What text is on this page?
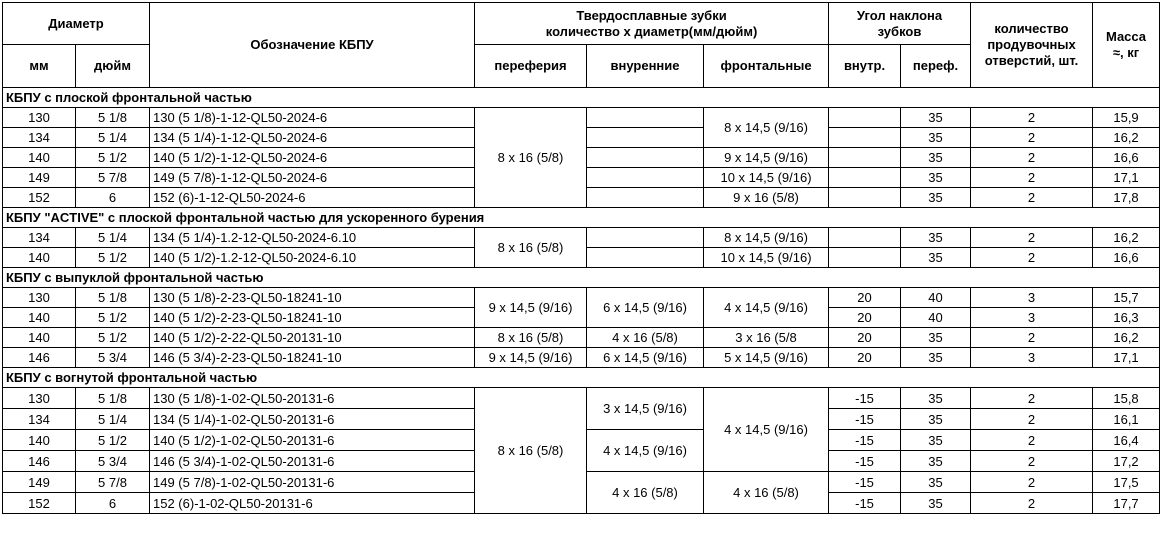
Диаметр		Обозначение КБПУ	Твердосплавные зубки
количество х диаметр(мм/дюйм)			Угол наклона
зубков		количество продувочных отверстий, шт.	Масса
≈, кг
мм	дюйм		переферия	внуренние	фронтальные	внутр.	переф.		
КБПУ с плоской фронтальной частью									
130	5 1/8	130 (5 1/8)-1-12-QL50-2024-6	8 х 16 (5/8)		8 х 14,5 (9/16)		35	2	15,9
134	5 1/4	134 (5 1/4)-1-12-QL50-2024-6					35	2	16,2
140	5 1/2	140 (5 1/2)-1-12-QL50-2024-6			9 х 14,5 (9/16)		35	2	16,6
149	5 7/8	149 (5 7/8)-1-12-QL50-2024-6			10 х 14,5 (9/16)		35	2	17,1
152	6	152 (6)-1-12-QL50-2024-6			9 х 16 (5/8)		35	2	17,8
КБПУ "ACTIVE" с плоской фронтальной частью для ускоренного бурения									
134	5 1/4	134 (5 1/4)-1.2-12-QL50-2024-6.10	8 х 16 (5/8)		8 х 14,5 (9/16)		35	2	16,2
140	5 1/2	140 (5 1/2)-1.2-12-QL50-2024-6.10			10 х 14,5 (9/16)		35	2	16,6
КБПУ с выпуклой фронтальной частью									
130	5 1/8	130 (5 1/8)-2-23-QL50-18241-10	9 х 14,5 (9/16)	6 х 14,5 (9/16)	4 х 14,5 (9/16)	20	40	3	15,7
140	5 1/2	140 (5 1/2)-2-23-QL50-18241-10				20	40	3	16,3
140	5 1/2	140 (5 1/2)-2-22-QL50-20131-10	8 х 16 (5/8)	4 х 16 (5/8)	3 х 16 (5/8	20	35	2	16,2
146	5 3/4	146 (5 3/4)-2-23-QL50-18241-10	9 х 14,5 (9/16)	6 х 14,5 (9/16)	5 х 14,5 (9/16)	20	35	3	17,1
КБПУ с вогнутой фронтальной частью									
130	5 1/8	130 (5 1/8)-1-02-QL50-20131-6	8 х 16 (5/8)	3 х 14,5 (9/16)	4 х 14,5 (9/16)	-15	35	2	15,8
134	5 1/4	134 (5 1/4)-1-02-QL50-20131-6				-15	35	2	16,1
140	5 1/2	140 (5 1/2)-1-02-QL50-20131-6		4 х 14,5 (9/16)		-15	35	2	16,4
146	5 3/4	146 (5 3/4)-1-02-QL50-20131-6				-15	35	2	17,2
149	5 7/8	149 (5 7/8)-1-02-QL50-20131-6		4 х 16 (5/8)	4 х 16 (5/8)	-15	35	2	17,5
152	6	152 (6)-1-02-QL50-20131-6				-15	35	2	17,7
